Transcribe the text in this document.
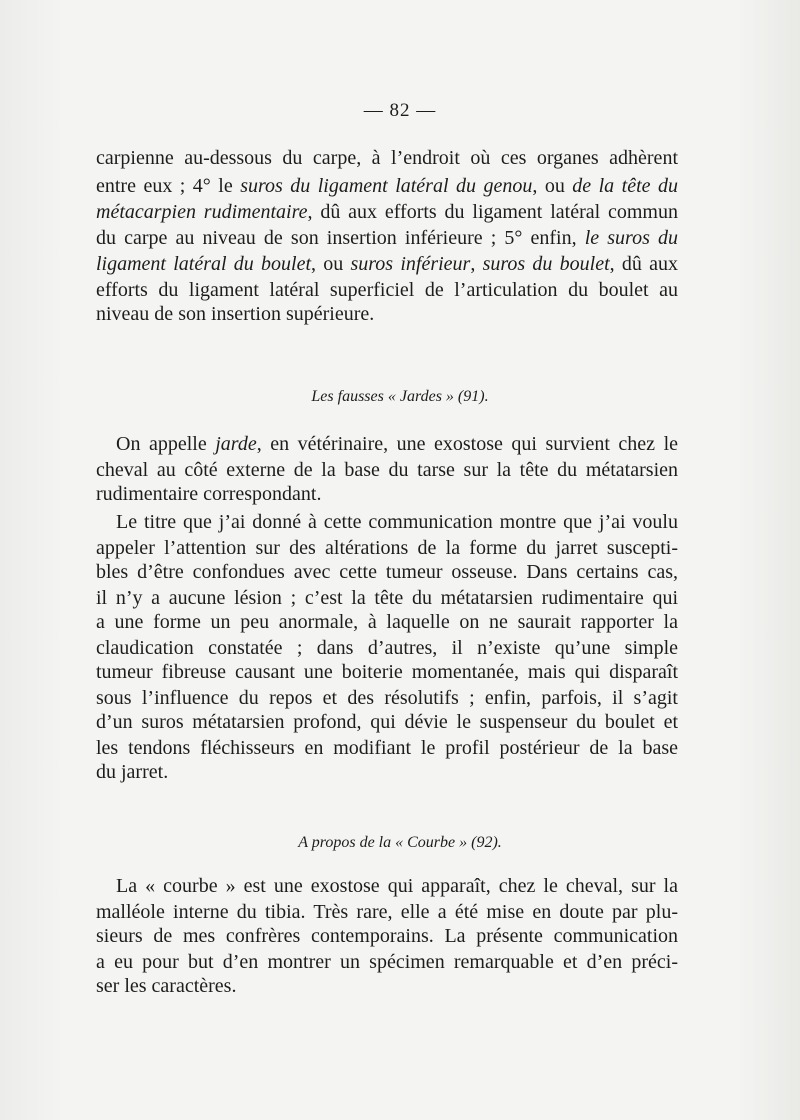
— 82 —
carpienne au-dessous du carpe, à l’endroit où ces organes adhèrent
entre eux ; 4° le suros du ligament latéral du genou, ou de la tête du
métacarpien rudimentaire, dû aux efforts du ligament latéral commun
du carpe au niveau de son insertion inférieure ; 5° enfin, le suros du
ligament latéral du boulet, ou suros inférieur, suros du boulet, dû aux
efforts du ligament latéral superficiel de l’articulation du boulet au
niveau de son insertion supérieure.
Les fausses « Jardes » (91).
On appelle jarde, en vétérinaire, une exostose qui survient chez le
cheval au côté externe de la base du tarse sur la tête du métatarsien
rudimentaire correspondant.
Le titre que j’ai donné à cette communication montre que j’ai voulu
appeler l’attention sur des altérations de la forme du jarret suscepti-
bles d’être confondues avec cette tumeur osseuse. Dans certains cas,
il n’y a aucune lésion ; c’est la tête du métatarsien rudimentaire qui
a une forme un peu anormale, à laquelle on ne saurait rapporter la
claudication constatée ; dans d’autres, il n’existe qu’une simple
tumeur fibreuse causant une boiterie momentanée, mais qui disparaît
sous l’influence du repos et des résolutifs ; enfin, parfois, il s’agit
d’un suros métatarsien profond, qui dévie le suspenseur du boulet et
les tendons fléchisseurs en modifiant le profil postérieur de la base
du jarret.
A propos de la « Courbe » (92).
La « courbe » est une exostose qui apparaît, chez le cheval, sur la
malléole interne du tibia. Très rare, elle a été mise en doute par plu-
sieurs de mes confrères contemporains. La présente communication
a eu pour but d’en montrer un spécimen remarquable et d’en préci-
ser les caractères.
